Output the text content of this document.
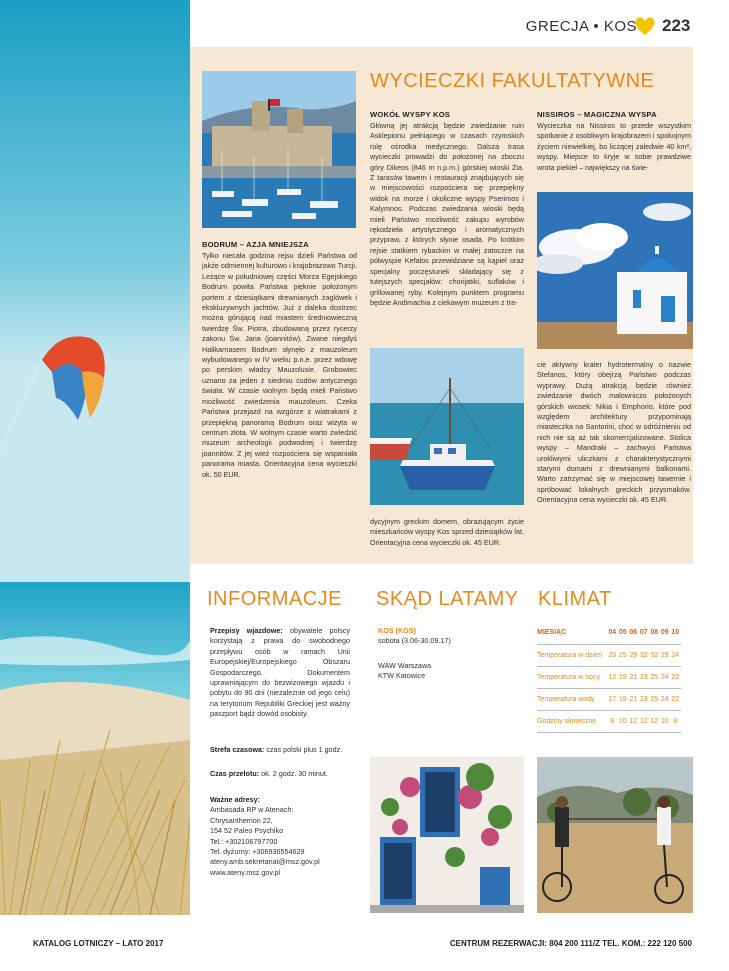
GRECJA • KOS 223
WYCIECZKI FAKULTATYWNE
BODRUM – AZJA MNIEJSZA
Tylko niecała godzina rejsu dzieli Państwa od jakże odmiennej kulturowo i krajobrazowo Turcji. Leżące w południowej części Morza Egejskiego Bodrum powita Państwa pięknie położonym portem z dziesiątkami drewnianych żaglówek i ekskluzywnych jachtów. Już z daleka dostrzec można górującą nad miastem średniowieczną twierdzę Św. Piotra, zbudowaną przez rycerzy zakonu Św. Jana (joannitów). Zwane niegdyś Halikarnasem Bodrum słynęło z mauzoleum wybudowanego w IV wieku p.n.e. przez wdowę po perskim władcy Mauzolusie. Grobowiec uznano za jeden z siedmiu cudów antycznego świata. W czasie wolnym będą mieli Państwo możliwość zwiedzenia mauzoleum. Czeka Państwa przejazd na wzgórze z wiatrakami z przepiękną panoramą Bodrum oraz wizyta w centrum złota. W wolnym czasie warto zwiedzić muzeum archeologii podwodnej i twierdzę joannitów. Z jej wież rozpościera się wspaniała panorama miasta. Orientacyjna cena wycieczki ok. 50 EUR.
WOKÓŁ WYSPY KOS
Główną jej atrakcją będzie zwiedzanie ruin Asklepionu pełniącego w czasach rzymskich rolę ośrodka medycznego. Dalsza trasa wycieczki prowadzi do położonej na zboczu góry Dikeos (846 m n.p.m.) górskiej wioski Zia. Z tarasów tawern i restauracji znajdujących się w miejscowości rozpościera się przepiękny widok na morze i okoliczne wyspy Pserimos i Kalymnos. Podczas zwiedzania wioski będą mieli Państwo możliwość zakupu wyrobów rękodzieła artystycznego i aromatycznych przypraw, z których słynie osada. Po krótkim rejsie statkiem rybackim w małej zatoczce na półwyspie Kefalos przewidziane są kąpiel oraz specjalny poczęstunek składający się z tutejszych specjałów: chorijatiki, suflaków i grillowanej ryby. Kolejnym punktem programu będzie Andimachia z ciekawym muzeum z tra-
dycyjnym greckim domem, obrazującym życie mieszkańców wyspy Kos sprzed dziesiątków lat. Orientacyjna cena wycieczki ok. 45 EUR.
NISSIROS – MAGICZNA WYSPA
Wycieczka na Nissiros to przede wszystkim spotkanie z osobliwym krajobrazem i spokojnym życiem niewielkiej, bo liczącej zaledwie 40 km², wyspy. Miejsce to kryje w sobie prawdziwe wrota piekieł – największy na świe-
cie aktywny krater hydrotermalny o nazwie Stefanos, który obejrzą Państwo podczas wyprawy. Dużą atrakcją będzie również zwiedzanie dwóch malowniczo położonych górskich wiosek: Nikia i Emphorio, które pod względem architektury przypominają miasteczka na Santorini, choć w odróżnieniu od nich nie są aż tak skomercjalizowane. Stolica wyspy – Mandraki – zachwyci Państwa urokliwymi uliczkami z charakterystycznymi starymi domami z drewnianymi balkonami. Warto zatrzymać się w miejscowej tawernie i spróbować lokalnych greckich przysmaków. Orientacyjna cena wycieczki ok. 45 EUR.
INFORMACJE
Przepisy wjazdowe: obywatele polscy korzystają z prawa do swobodnego przepływu osób w ramach Unii Europejskiej/Europejskiego Obszaru Gospodarczego. Dokumentem uprawniającym do bezwizowego wjazdu i pobytu do 90 dni (niezależnie od jego celu) na terytorium Republiki Greckiej jest ważny paszport bądź dowód osobisty.
Strefa czasowa: czas polski plus 1 godz.
Czas przelotu: ok. 2 godz. 30 minut.
Ważne adresy:
Ambasada RP w Atenach:
Chrysanthemon 22,
154 52 Paleo Psychiko
Tel.: +302106797700
Tel. dyżurny: +306936554629
ateny.amb.sekretariat@msz.gov.pl
www.ateny.msz.gov.pl
SKĄD LATAMY
KOS (KGS)
sobota (3.06-30.09.17)
WAW Warszawa
KTW Katowice
KLIMAT
MIESIĄC	04	05	06	07	08	09	10
Temperatura w dzień	20	25	29	32	32	29	24
Temperatura w nocy	12	19	21	23	25	24	22
Temperatura wody	17	19	21	23	25	24	22
Godziny słoneczne	8	10	12	12	12	10	8
KATALOG LOTNICZY – LATO 2017	CENTRUM REZERWACJI: 804 200 111/Z TEL. KOM.: 222 120 500
